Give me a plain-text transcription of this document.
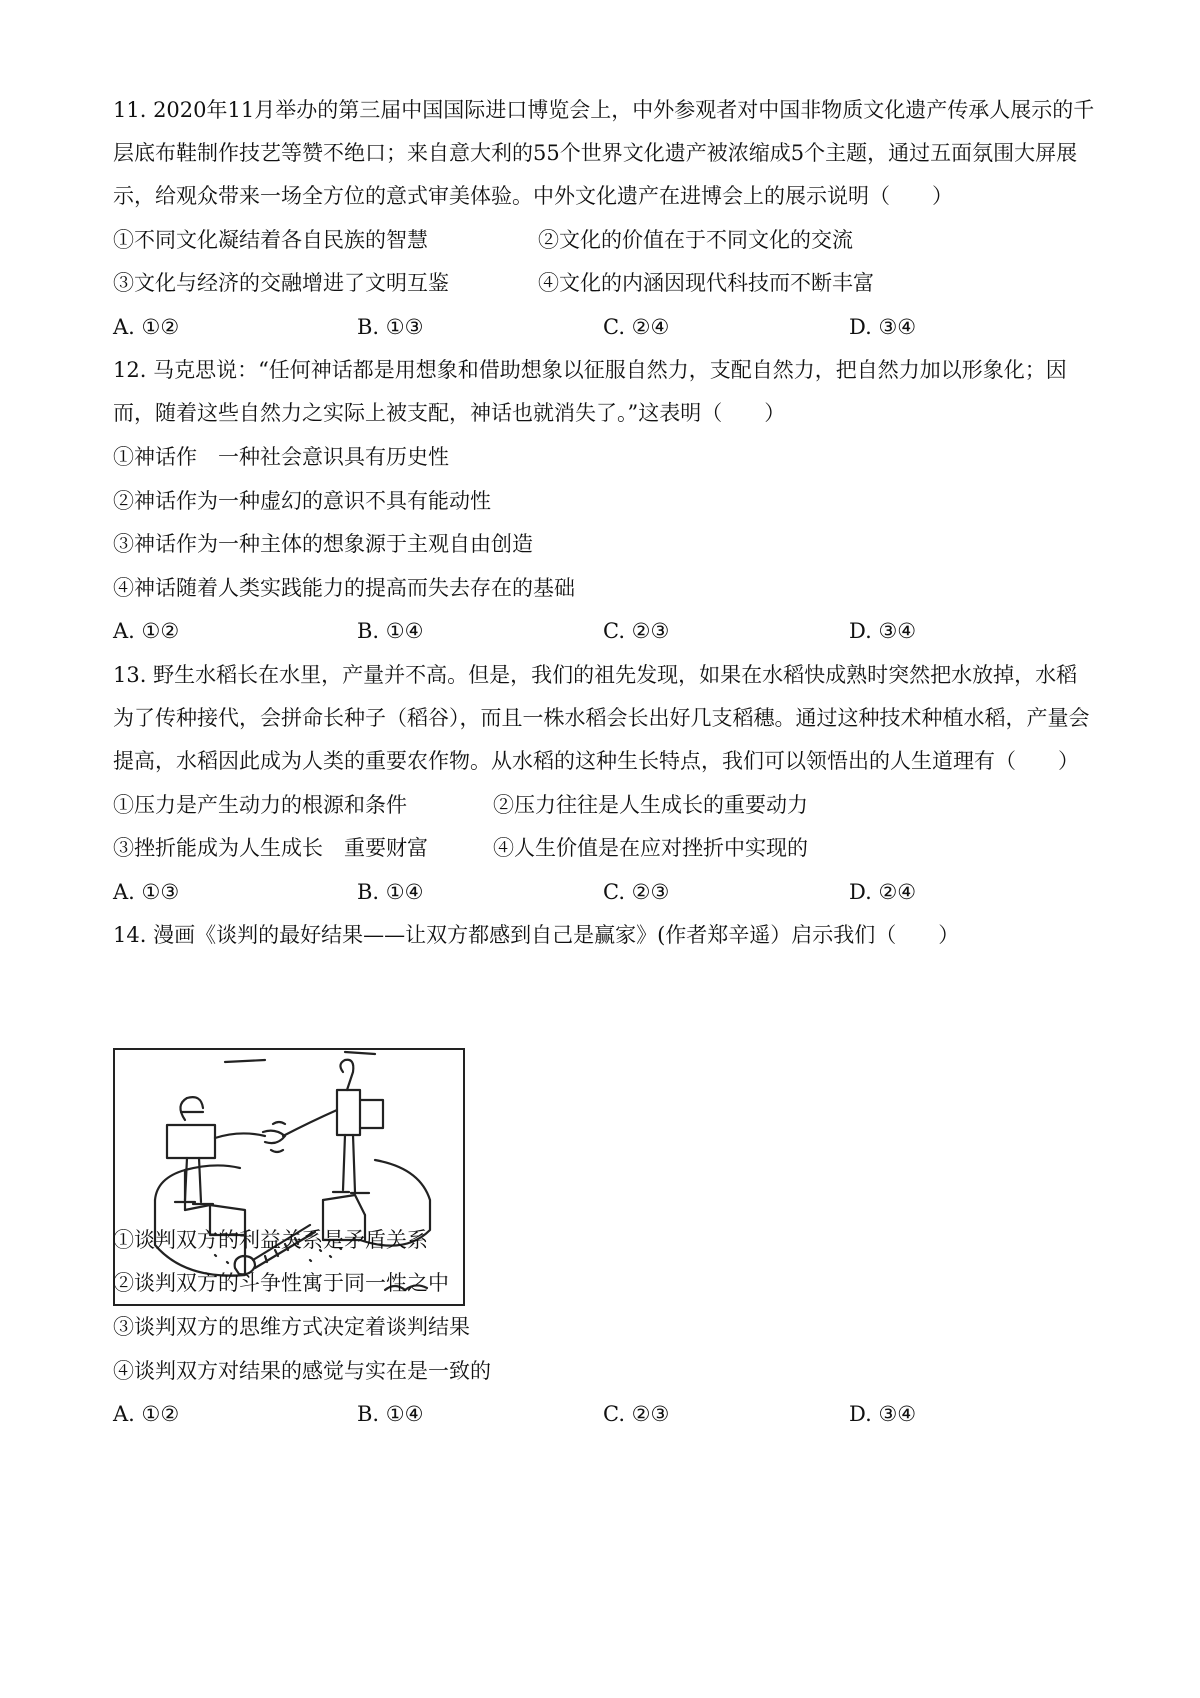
11. 2020年11月举办的第三届中国国际进口博览会上，中外参观者对中国非物质文化遗产传承人展示的千
层底布鞋制作技艺等赞不绝口；来自意大利的55个世界文化遗产被浓缩成5个主题，通过五面氛围大屏展
示，给观众带来一场全方位的意式审美体验。中外文化遗产在进博会上的展示说明（　　）
①不同文化凝结着各自民族的智慧	②文化的价值在于不同文化的交流
③文化与经济的交融增进了文明互鉴	④文化的内涵因现代科技而不断丰富
A. ①②	B. ①③	C. ②④	D. ③④
12. 马克思说：“任何神话都是用想象和借助想象以征服自然力，支配自然力，把自然力加以形象化；因
而，随着这些自然力之实际上被支配，神话也就消失了。”这表明（　　）
①神话作　一种社会意识具有历史性
②神话作为一种虚幻的意识不具有能动性
③神话作为一种主体的想象源于主观自由创造
④神话随着人类实践能力的提高而失去存在的基础
A. ①②	B. ①④	C. ②③	D. ③④
13. 野生水稻长在水里，产量并不高。但是，我们的祖先发现，如果在水稻快成熟时突然把水放掉，水稻
为了传种接代，会拼命长种子（稻谷），而且一株水稻会长出好几支稻穗。通过这种技术种植水稻，产量会
提高，水稻因此成为人类的重要农作物。从水稻的这种生长特点，我们可以领悟出的人生道理有（　　）
①压力是产生动力的根源和条件	②压力往往是人生成长的重要动力
③挫折能成为人生成长　重要财富	④人生价值是在应对挫折中实现的
A. ①③	B. ①④	C. ②③	D. ②④
14. 漫画《谈判的最好结果——让双方都感到自己是赢家》(作者郑辛遥）启示我们（　　）
①谈判双方的利益关系是矛盾关系
②谈判双方的斗争性寓于同一性之中
③谈判双方的思维方式决定着谈判结果
④谈判双方对结果的感觉与实在是一致的
A. ①②	B. ①④	C. ②③	D. ③④
